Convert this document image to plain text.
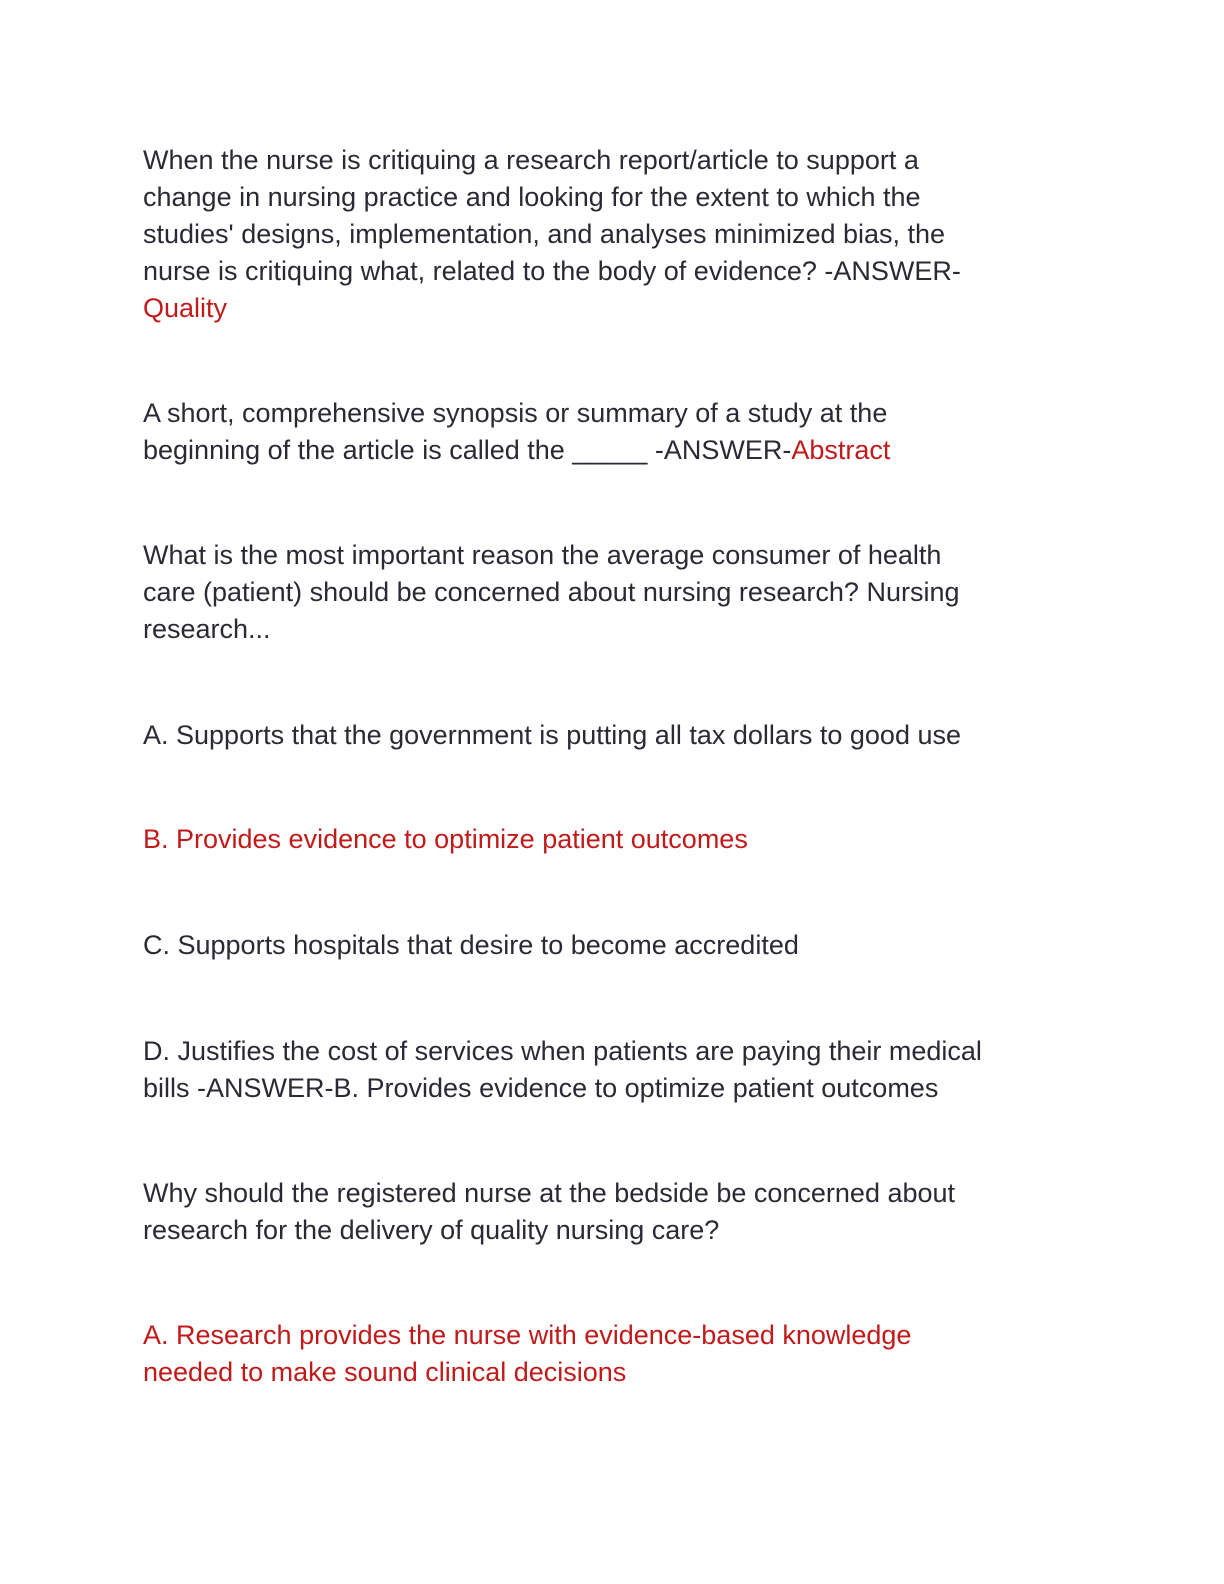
When the nurse is critiquing a research report/article to support a
change in nursing practice and looking for the extent to which the
studies' designs, implementation, and analyses minimized bias, the
nurse is critiquing what, related to the body of evidence? -ANSWER-
Quality

A short, comprehensive synopsis or summary of a study at the
beginning of the article is called the _____ -ANSWER-Abstract

What is the most important reason the average consumer of health
care (patient) should be concerned about nursing research? Nursing
research...

A. Supports that the government is putting all tax dollars to good use

B. Provides evidence to optimize patient outcomes

C. Supports hospitals that desire to become accredited

D. Justifies the cost of services when patients are paying their medical
bills -ANSWER-B. Provides evidence to optimize patient outcomes

Why should the registered nurse at the bedside be concerned about
research for the delivery of quality nursing care?

A. Research provides the nurse with evidence-based knowledge
needed to make sound clinical decisions
